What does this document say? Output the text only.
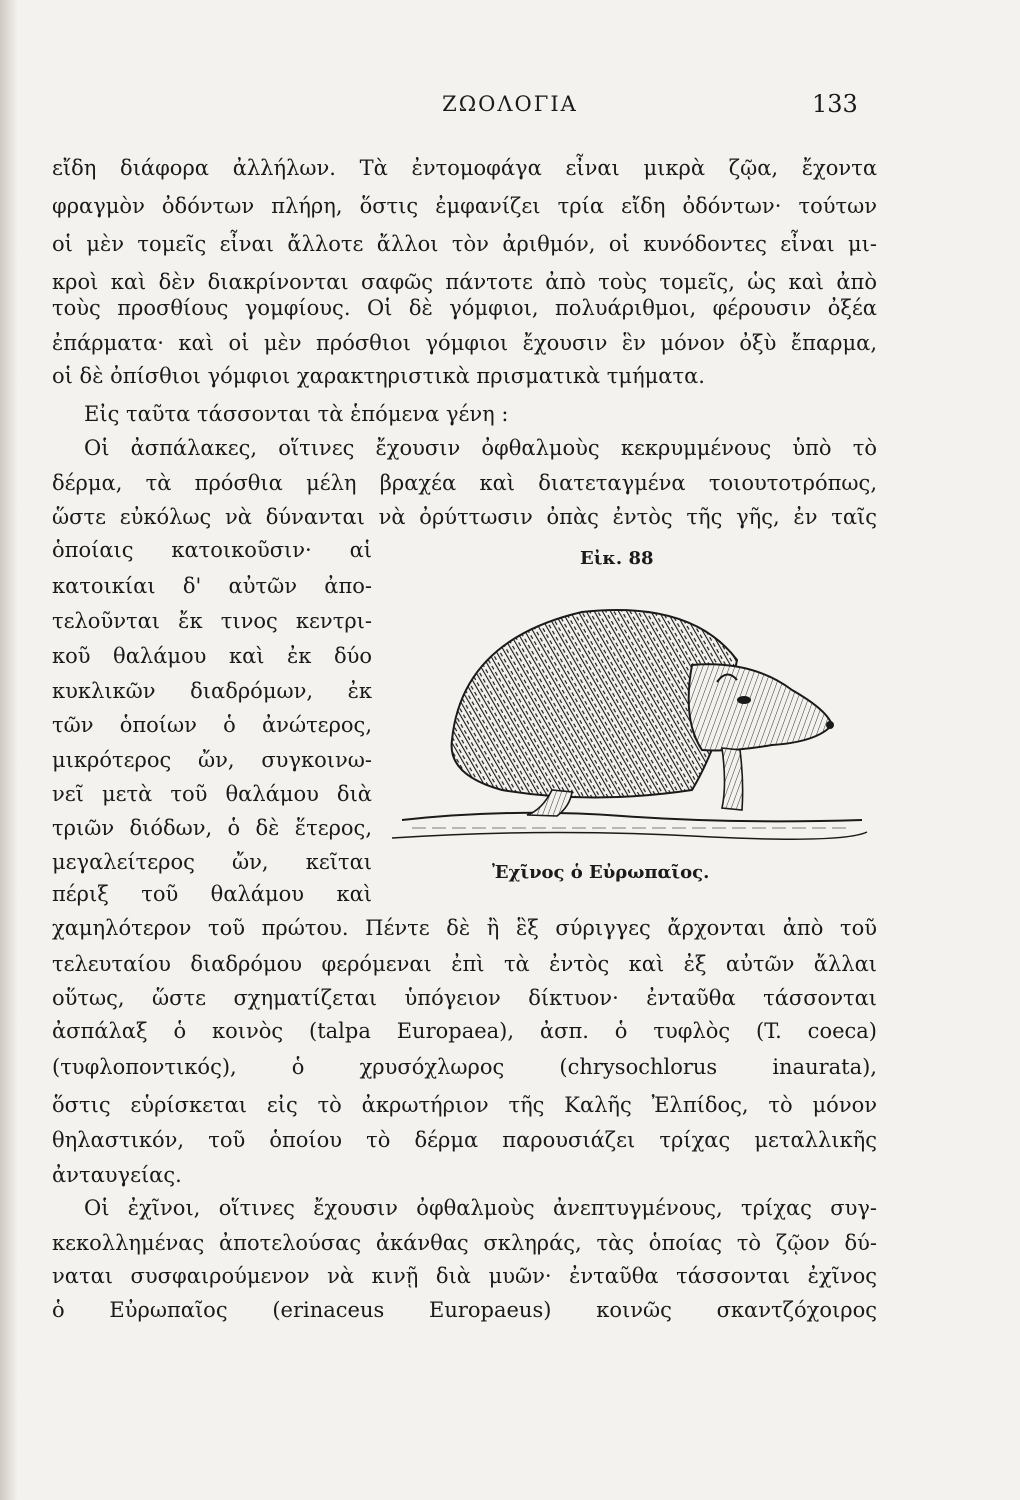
ΖΩΟΛΟΓΙΑ	133
εἴδη διάφορα ἀλλήλων. Τὰ ἐντομοφάγα εἶναι μικρὰ ζῷα, ἔχοντα
φραγμὸν ὀδόντων πλήρη, ὅστις ἐμφανίζει τρία εἴδη ὀδόντων· τούτων
οἱ μὲν τομεῖς εἶναι ἄλλοτε ἄλλοι τὸν ἀριθμόν, οἱ κυνόδοντες εἶναι μι-
κροὶ καὶ δὲν διακρίνονται σαφῶς πάντοτε ἀπὸ τοὺς τομεῖς, ὡς καὶ ἀπὸ
τοὺς προσθίους γομφίους. Οἱ δὲ γόμφιοι, πολυάριθμοι, φέρουσιν ὀξέα
ἐπάρματα· καὶ οἱ μὲν πρόσθιοι γόμφιοι ἔχουσιν ἓν μόνον ὀξὺ ἔπαρμα,
οἱ δὲ ὀπίσθιοι γόμφιοι χαρακτηριστικὰ πρισματικὰ τμήματα.
Εἰς ταῦτα τάσσονται τὰ ἑπόμενα γένη :
Οἱ ἀσπάλακες, οἵτινες ἔχουσιν ὀφθαλμοὺς κεκρυμμένους ὑπὸ τὸ
δέρμα, τὰ πρόσθια μέλη βραχέα καὶ διατεταγμένα τοιουτοτρόπως,
ὥστε εὐκόλως νὰ δύνανται νὰ ὀρύττωσιν ὀπὰς ἐντὸς τῆς γῆς, ἐν ταῖς
ὁποίαις κατοικοῦσιν· αἱ
κατοικίαι δ' αὐτῶν ἀπο-
τελοῦνται ἔκ τινος κεντρι-
κοῦ θαλάμου καὶ ἐκ δύο
κυκλικῶν διαδρόμων, ἐκ
τῶν ὁποίων ὁ ἀνώτερος,
μικρότερος ὤν, συγκοινω-
νεῖ μετὰ τοῦ θαλάμου διὰ
τριῶν διόδων, ὁ δὲ ἕτερος,
μεγαλείτερος ὤν, κεῖται
πέριξ τοῦ θαλάμου καὶ
χαμηλότερον τοῦ πρώτου. Πέντε δὲ ἢ ἓξ σύριγγες ἄρχονται ἀπὸ τοῦ
τελευταίου διαδρόμου φερόμεναι ἐπὶ τὰ ἐντὸς καὶ ἐξ αὐτῶν ἄλλαι
οὕτως, ὥστε σχηματίζεται ὑπόγειον δίκτυον· ἐνταῦθα τάσσονται
ἀσπάλαξ ὁ κοινὸς (talpa Europaea), ἀσπ. ὁ τυφλὸς (T. coeca)
(τυφλοποντικός), ὁ χρυσόχλωρος (chrysochlorus inaurata),
ὅστις εὑρίσκεται εἰς τὸ ἀκρωτήριον τῆς Καλῆς Ἐλπίδος, τὸ μόνον
θηλαστικόν, τοῦ ὁποίου τὸ δέρμα παρουσιάζει τρίχας μεταλλικῆς
ἀνταυγείας.
Οἱ ἐχῖνοι, οἵτινες ἔχουσιν ὀφθαλμοὺς ἀνεπτυγμένους, τρίχας συγ-
κεκολλημένας ἀποτελούσας ἀκάνθας σκληράς, τὰς ὁποίας τὸ ζῷον δύ-
ναται συσφαιρούμενον νὰ κινῇ διὰ μυῶν· ἐνταῦθα τάσσονται ἐχῖνος
ὁ Εὐρωπαῖος (erinaceus Europaeus) κοινῶς σκαντζόχοιρος
Εἰκ. 88
Ἐχῖνος ὁ Εὐρωπαῖος.
